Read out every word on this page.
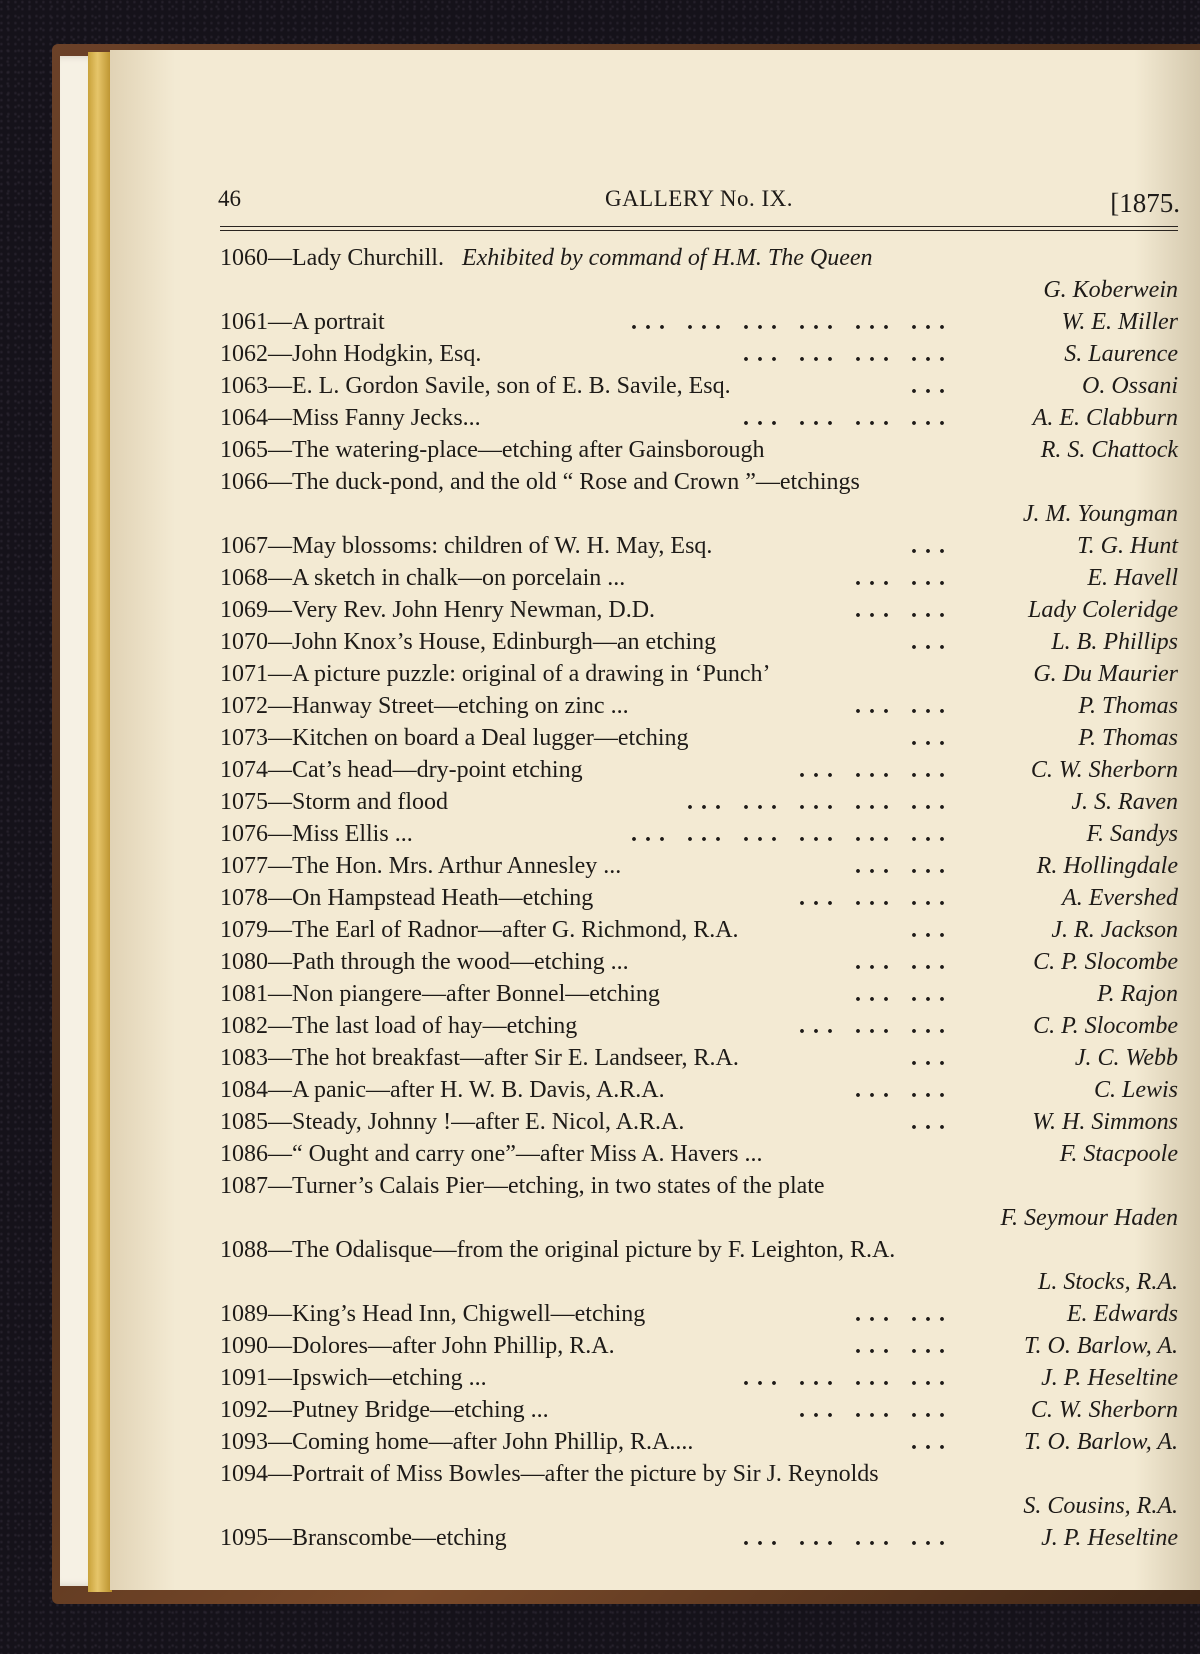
46	GALLERY No. IX.	[1875.
1060—Lady Churchill. Exhibited by command of H.M. The Queen
G. Koberwein
1061—A portrait	... ... ... ... ... ...	W. E. Miller
1062—John Hodgkin, Esq.	... ... ... ...	S. Laurence
1063—E. L. Gordon Savile, son of E. B. Savile, Esq.	...	O. Ossani
1064—Miss Fanny Jecks...	... ... ... ...	A. E. Clabburn
1065—The watering-place—etching after Gainsborough	R. S. Chattock
1066—The duck-pond, and the old “ Rose and Crown ”—etchings
J. M. Youngman
1067—May blossoms: children of W. H. May, Esq.	...	T. G. Hunt
1068—A sketch in chalk—on porcelain ...	... ...	E. Havell
1069—Very Rev. John Henry Newman, D.D.	... ...	Lady Coleridge
1070—John Knox’s House, Edinburgh—an etching	...	L. B. Phillips
1071—A picture puzzle: original of a drawing in ‘Punch’	G. Du Maurier
1072—Hanway Street—etching on zinc ...	... ...	P. Thomas
1073—Kitchen on board a Deal lugger—etching	...	P. Thomas
1074—Cat’s head—dry-point etching	... ... ...	C. W. Sherborn
1075—Storm and flood	... ... ... ... ...	J. S. Raven
1076—Miss Ellis ...	... ... ... ... ... ...	F. Sandys
1077—The Hon. Mrs. Arthur Annesley ...	... ...	R. Hollingdale
1078—On Hampstead Heath—etching	... ... ...	A. Evershed
1079—The Earl of Radnor—after G. Richmond, R.A.	...	J. R. Jackson
1080—Path through the wood—etching ...	... ...	C. P. Slocombe
1081—Non piangere—after Bonnel—etching	... ...	P. Rajon
1082—The last load of hay—etching	... ... ...	C. P. Slocombe
1083—The hot breakfast—after Sir E. Landseer, R.A.	...	J. C. Webb
1084—A panic—after H. W. B. Davis, A.R.A.	... ...	C. Lewis
1085—Steady, Johnny !—after E. Nicol, A.R.A.	...	W. H. Simmons
1086—“ Ought and carry one”—after Miss A. Havers ...	F. Stacpoole
1087—Turner’s Calais Pier—etching, in two states of the plate
F. Seymour Haden
1088—The Odalisque—from the original picture by F. Leighton, R.A.
L. Stocks, R.A.
1089—King’s Head Inn, Chigwell—etching	... ...	E. Edwards
1090—Dolores—after John Phillip, R.A.	... ...	T. O. Barlow, A.
1091—Ipswich—etching ...	... ... ... ...	J. P. Heseltine
1092—Putney Bridge—etching ...	... ... ...	C. W. Sherborn
1093—Coming home—after John Phillip, R.A....	...	T. O. Barlow, A.
1094—Portrait of Miss Bowles—after the picture by Sir J. Reynolds
S. Cousins, R.A.
1095—Branscombe—etching	... ... ... ...	J. P. Heseltine
